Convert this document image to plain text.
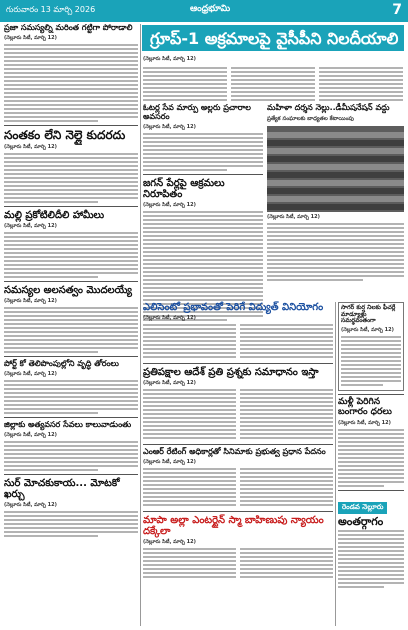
గురువారం 13 మార్చి 2026	ఆంధ్రభూమి	7
ప్రజా సమస్యల్ని మరింత గట్టిగా పోరాడాలి
(నెల్లూరు సిటీ, మార్చి 12)
సంతకం లేని నెల్లై కుదరదు
(నెల్లూరు సిటీ, మార్చి 12)
మల్లి ప్రకోటిలిదీలి హామీలు
(నెల్లూరు సిటీ, మార్చి 12)
సమస్యల అలసత్వం మొదలయ్యే
(నెల్లూరు సిటీ, మార్చి 12)
పోర్ట్ కో తెలిపొంపుల్లోని వృద్ధి తోరంలు
(నెల్లూరు సిటీ, మార్చి 12)
జిల్లాకు అత్యవసర సేవలు కాలువాడుంతు
(నెల్లూరు సిటీ, మార్చి 12)
సుర్ మోచకుకాయ... మోటకో ఖర్చు
(నెల్లూరు సిటీ, మార్చి 12)
గ్రూప్-1 అక్రమాలపై వైసీపీని నిలదీయాలి
(నెల్లూరు సిటీ, మార్చి 12)
ఓటర్ల సేవ మార్పు అల్లరు ప్రచారాల అవసరం
(నెల్లూరు సిటీ, మార్చి 12)
జగన్ పేర్లపై ఆక్రమలు నిరూపితం
(నెల్లూరు సిటీ, మార్చి 12)
మహిళా దర్శన నెల్లు..డీమీషనేషన్ వద్దు
ప్రత్యేక సంఘాలకు బాధ్యతల కేటాయింపు
(నెల్లూరు సిటీ, మార్చి 12)
ఎలిసెంటో ప్రభావంతో పెరిగే విద్యుత్ వినియోగం
(నెల్లూరు సిటీ, మార్చి 12)
ప్రతిపక్షాల ఆదేశ్ ప్రతి ప్రశ్నకు సమాధానం ఇస్తా
(నెల్లూరు సిటీ, మార్చి 12)
ఎంఆర్ రేటింగ్ అధికార్లతో సినిమాకు ప్రభుత్వ ప్రధాన పేదనం
(నెల్లూరు సిటీ, మార్చి 12)
మాపా అల్లా ఎంటర్టైన్ స్మా బాహిణుపు న్యాయం దక్కేలా
(నెల్లూరు సిటీ, మార్చి 12)
సాగర్ కుర్ష నిలకు ఫీచర్లే మాడ్యూళ్లు సమర్థవంతంగా
(నెల్లూరు సిటీ, మార్చి 12)
మళ్లీ పెరిగిన బంగారం ధరలు
(నెల్లూరు సిటీ, మార్చి 12)
రెండవ నెల్లూరు
అంతర్గాగం
